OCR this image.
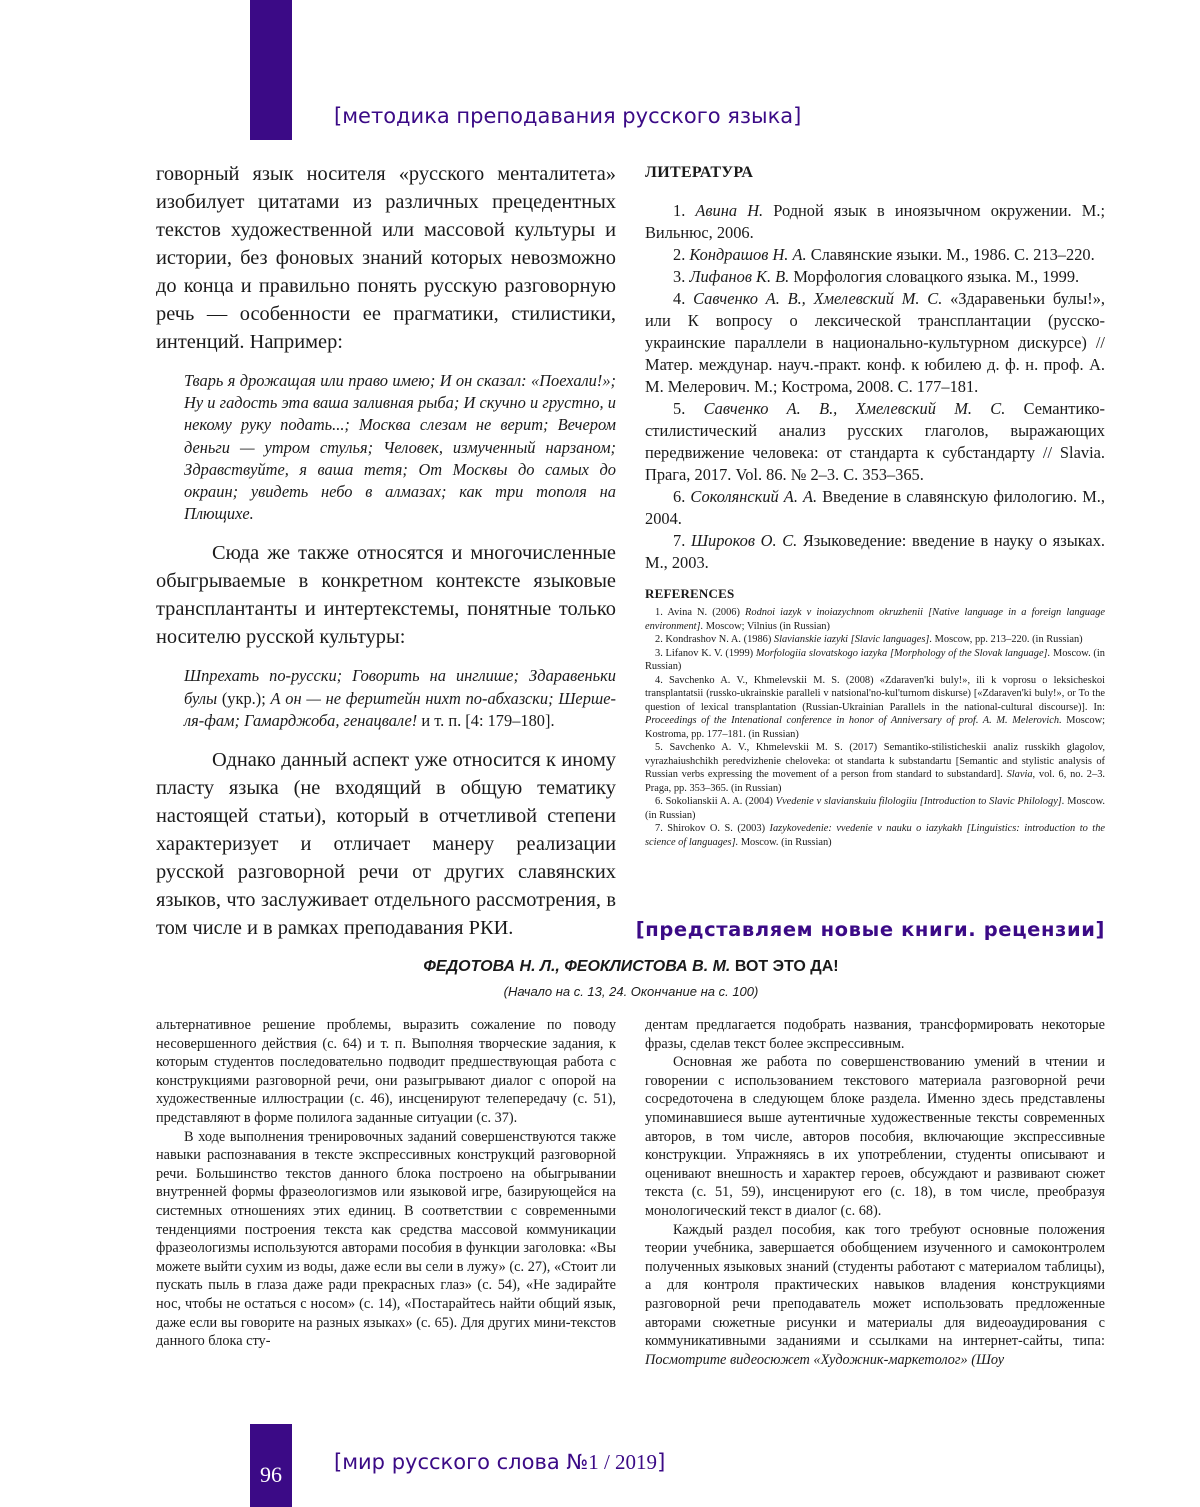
[методика преподавания русского языка]

говорный язык носителя «русского менталитета» изобилует цитатами из различных прецедентных текстов художественной или массовой культуры и истории, без фоновых знаний которых невозможно до конца и правильно понять русскую разговорную речь — особенности ее прагматики, стилистики, интенций. Например:

Тварь я дрожащая или право имею; И он сказал: «Поехали!»; Ну и гадость эта ваша заливная рыба; И скучно и грустно, и некому руку подать...; Москва слезам не верит; Вечером деньги — утром стулья; Человек, измученный нарзаном; Здравствуйте, я ваша тетя; От Москвы до самых до окраин; увидеть небо в алмазах; как три тополя на Плющихе.

Сюда же также относятся и многочисленные обыгрываемые в конкретном контексте языковые трансплантанты и интертекстемы, понятные только носителю русской культуры:

Шпрехать по-русски; Говорить на инглише; Здаравеньки булы (укр.); А он — не ферштейн нихт по-абхазски; Шерше-ля-фам; Гамарджоба, генацвале! и т. п. [4: 179–180].

Однако данный аспект уже относится к иному пласту языка (не входящий в общую тематику настоящей статьи), который в отчетливой степени характеризует и отличает манеру реализации русской разговорной речи от других славянских языков, что заслуживает отдельного рассмотрения, в том числе и в рамках преподавания РКИ.

ЛИТЕРАТУРА

1. Авина Н. Родной язык в иноязычном окружении. М.; Вильнюс, 2006.

2. Кондрашов Н. А. Славянские языки. М., 1986. С. 213–220.

3. Лифанов К. В. Морфология словацкого языка. М., 1999.

4. Савченко А. В., Хмелевский М. С. «Здаравеньки булы!», или К вопросу о лексической трансплантации (русско-украинские параллели в национально-культурном дискурсе) // Матер. междунар. науч.-практ. конф. к юбилею д. ф. н. проф. А. М. Мелерович. М.; Кострома, 2008. С. 177–181.

5. Савченко А. В., Хмелевский М. С. Семантико-стилистический анализ русских глаголов, выражающих передвижение человека: от стандарта к субстандарту // Slavia. Прага, 2017. Vol. 86. № 2–3. С. 353–365.

6. Соколянский А. А. Введение в славянскую филологию. М., 2004.

7. Широков О. С. Языковедение: введение в науку о языках. М., 2003.

REFERENCES

1. Avina N. (2006) Rodnoi iazyk v inoiazychnom okruzhenii [Native language in a foreign language environment]. Moscow; Vilnius (in Russian)

2. Kondrashov N. A. (1986) Slavianskie iazyki [Slavic languages]. Moscow, pp. 213–220. (in Russian)

3. Lifanov K. V. (1999) Morfologiia slovatskogo iazyka [Morphology of the Slovak language]. Moscow. (in Russian)

4. Savchenko A. V., Khmelevskii M. S. (2008) «Zdaraven'ki buly!», ili k voprosu o leksicheskoi transplantatsii (russko-ukrainskie paralleli v natsional'no-kul'turnom diskurse) [«Zdaraven'ki buly!», or To the question of lexical transplantation (Russian-Ukrainian Parallels in the national-cultural discourse)]. In: Proceedings of the Intenational conference in honor of Anniversary of prof. A. M. Melerovich. Moscow; Kostroma, pp. 177–181. (in Russian)

5. Savchenko A. V., Khmelevskii M. S. (2017) Semantiko-stilisticheskii analiz russkikh glagolov, vyrazhaiushchikh peredvizhenie cheloveka: ot standarta k substandartu [Semantic and stylistic analysis of Russian verbs expressing the movement of a person from standard to substandard]. Slavia, vol. 6, no. 2–3. Praga, pp. 353–365. (in Russian)

6. Sokolianskii A. A. (2004) Vvedenie v slavianskuiu filologiiu [Introduction to Slavic Philology]. Moscow. (in Russian)

7. Shirokov O. S. (2003) Iazykovedenie: vvedenie v nauku o iazykakh [Linguistics: introduction to the science of languages]. Moscow. (in Russian)

[представляем новые книги. рецензии]
ФЕДОТОВА Н. Л., ФЕОКЛИСТОВА В. М. ВОТ ЭТО ДА!
(Начало на с. 13, 24. Окончание на с. 100)

альтернативное решение проблемы, выразить сожаление по поводу несовершенного действия (с. 64) и т. п. Выполняя творческие задания, к которым студентов последовательно подводит предшествующая работа с конструкциями разговорной речи, они разыгрывают диалог с опорой на художественные иллюстрации (с. 46), инсценируют телепередачу (с. 51), представляют в форме полилога заданные ситуации (с. 37).

В ходе выполнения тренировочных заданий совершенствуются также навыки распознавания в тексте экспрессивных конструкций разговорной речи. Большинство текстов данного блока построено на обыгрывании внутренней формы фразеологизмов или языковой игре, базирующейся на системных отношениях этих единиц. В соответствии с современными тенденциями построения текста как средства массовой коммуникации фразеологизмы используются авторами пособия в функции заголовка: «Вы можете выйти сухим из воды, даже если вы сели в лужу» (с. 27), «Стоит ли пускать пыль в глаза даже ради прекрасных глаз» (с. 54), «Не задирайте нос, чтобы не остаться с носом» (с. 14), «Постарайтесь найти общий язык, даже если вы говорите на разных языках» (с. 65). Для других мини-текстов данного блока сту-

дентам предлагается подобрать названия, трансформировать некоторые фразы, сделав текст более экспрессивным.

Основная же работа по совершенствованию умений в чтении и говорении с использованием текстового материала разговорной речи сосредоточена в следующем блоке раздела. Именно здесь представлены упоминавшиеся выше аутентичные художественные тексты современных авторов, в том числе, авторов пособия, включающие экспрессивные конструкции. Упражняясь в их употреблении, студенты описывают и оценивают внешность и характер героев, обсуждают и развивают сюжет текста (с. 51, 59), инсценируют его (с. 18), в том числе, преобразуя монологический текст в диалог (с. 68).

Каждый раздел пособия, как того требуют основные положения теории учебника, завершается обобщением изученного и самоконтролем полученных языковых знаний (студенты работают с материалом таблицы), а для контроля практических навыков владения конструкциями разговорной речи преподаватель может использовать предложенные авторами сюжетные рисунки и материалы для видеоаудирования с коммуникативными заданиями и ссылками на интернет-сайты, типа: Посмотрите видеосюжет «Художник-маркетолог» (Шоу

96	[мир русского слова №1 / 2019]
